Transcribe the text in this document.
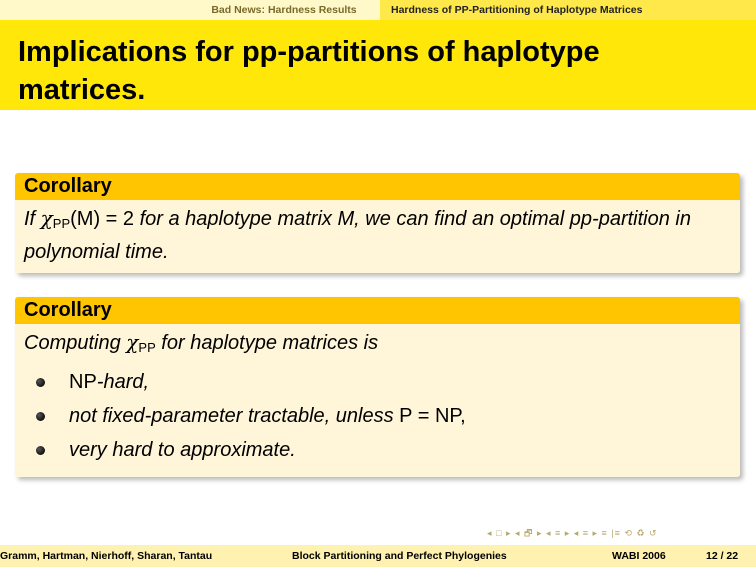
Bad News: Hardness Results	Hardness of PP-Partitioning of Haplotype Matrices
Implications for pp-partitions of haplotype matrices.
Corollary
If $\chi_{PP}(M) = 2$ for a haplotype matrix M, we can find an optimal pp-partition in polynomial time.
Corollary
Computing $\chi_{PP}$ for haplotype matrices is
NP-hard,
not fixed-parameter tractable, unless P = NP,
very hard to approximate.
◂ □ ▸ ◂ 🗗 ▸ ◂ ≡ ▸ ◂ ≡ ▸ ≡ |≡ ⟲ ♻ ↺
Gramm, Hartman, Nierhoff, Sharan, Tantau	Block Partitioning and Perfect Phylogenies	WABI 2006	12 / 22
